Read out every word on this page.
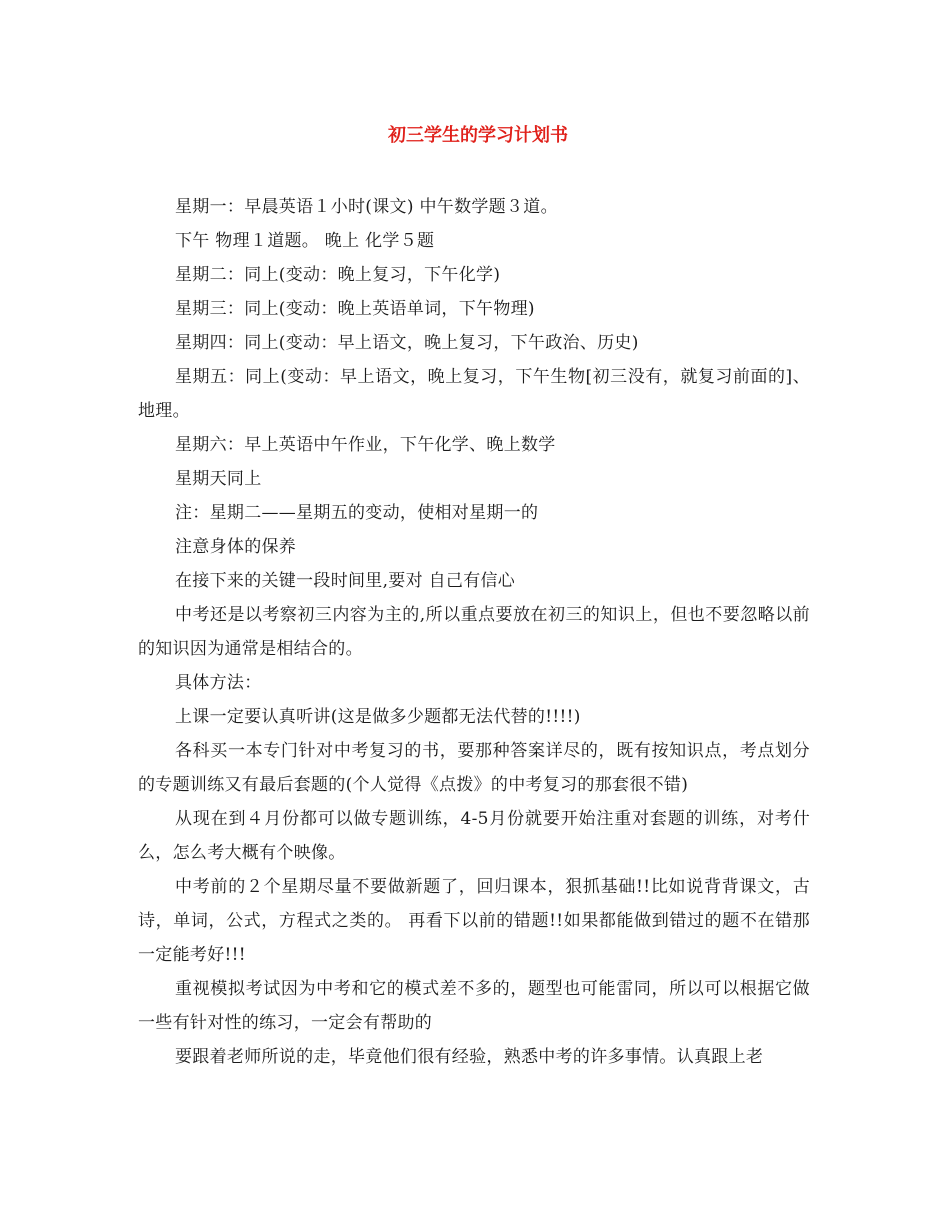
初三学生的学习计划书

星期一：早晨英语１小时(课文) 中午数学题３道。

下午 物理１道题。 晚上 化学５题

星期二：同上(变动：晚上复习，下午化学)

星期三：同上(变动：晚上英语单词，下午物理)

星期四：同上(变动：早上语文，晚上复习，下午政治、历史)

星期五：同上(变动：早上语文，晚上复习，下午生物[初三没有，就复习前面的]、地理。

星期六：早上英语中午作业，下午化学、晚上数学

星期天同上

注：星期二——星期五的变动，使相对星期一的

注意身体的保养

在接下来的关键一段时间里,要对 自己有信心

中考还是以考察初三内容为主的,所以重点要放在初三的知识上，但也不要忽略以前的知识因为通常是相结合的。

具体方法：

上课一定要认真听讲(这是做多少题都无法代替的!!!!)

各科买一本专门针对中考复习的书，要那种答案详尽的，既有按知识点，考点划分的专题训练又有最后套题的(个人觉得《点拨》的中考复习的那套很不错)

从现在到４月份都可以做专题训练，4-5月份就要开始注重对套题的训练，对考什么，怎么考大概有个映像。

中考前的２个星期尽量不要做新题了，回归课本，狠抓基础!!比如说背背课文，古诗，单词，公式，方程式之类的。 再看下以前的错题!!如果都能做到错过的题不在错那一定能考好!!!

重视模拟考试因为中考和它的模式差不多的，题型也可能雷同，所以可以根据它做一些有针对性的练习，一定会有帮助的

要跟着老师所说的走，毕竟他们很有经验，熟悉中考的许多事情。认真跟上老
